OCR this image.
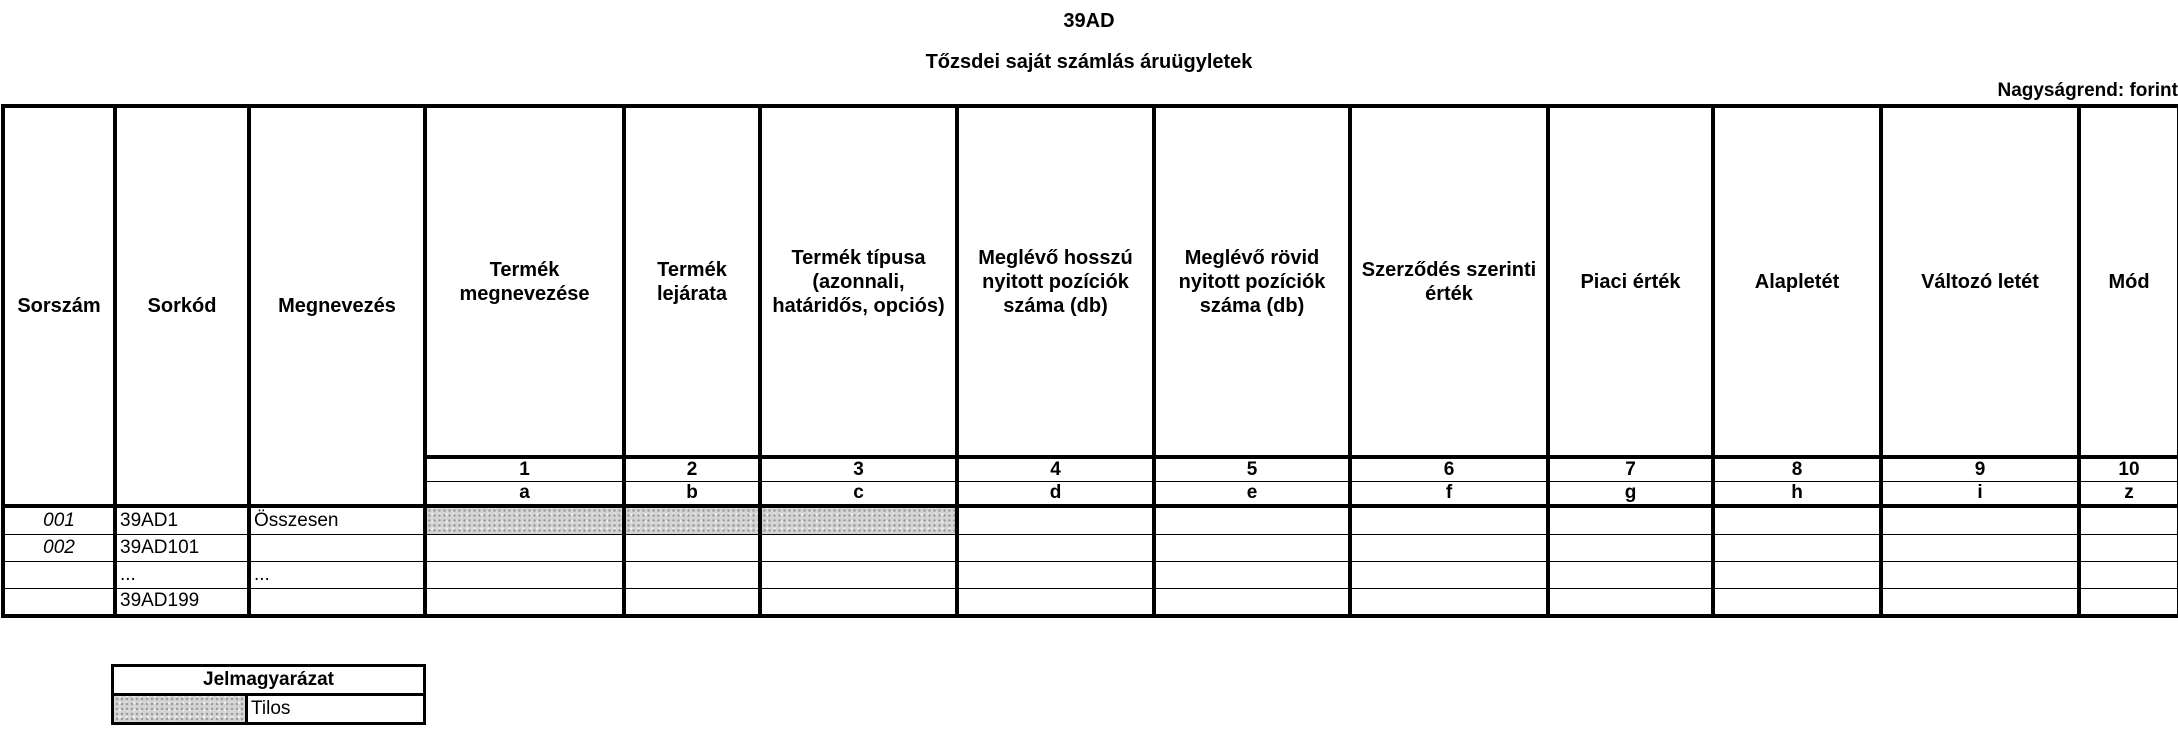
39AD
Tőzsdei saját számlás áruügyletek
Nagyságrend: forint
Sorszám	Sorkód	Megnevezés	Termék megnevezése	Termék lejárata	Termék típusa (azonnali, határidős, opciós)	Meglévő hosszú nyitott pozíciók száma (db)	Meglévő rövid nyitott pozíciók száma (db)	Szerződés szerinti érték	Piaci érték	Alapletét	Változó letét	Mód
			1	2	3	4	5	6	7	8	9	10
			a	b	c	d	e	f	g	h	i	z
001	39AD1	Összesen										
002	39AD101											
	...	...										
	39AD199											
Jelmagyarázat
	Tilos
